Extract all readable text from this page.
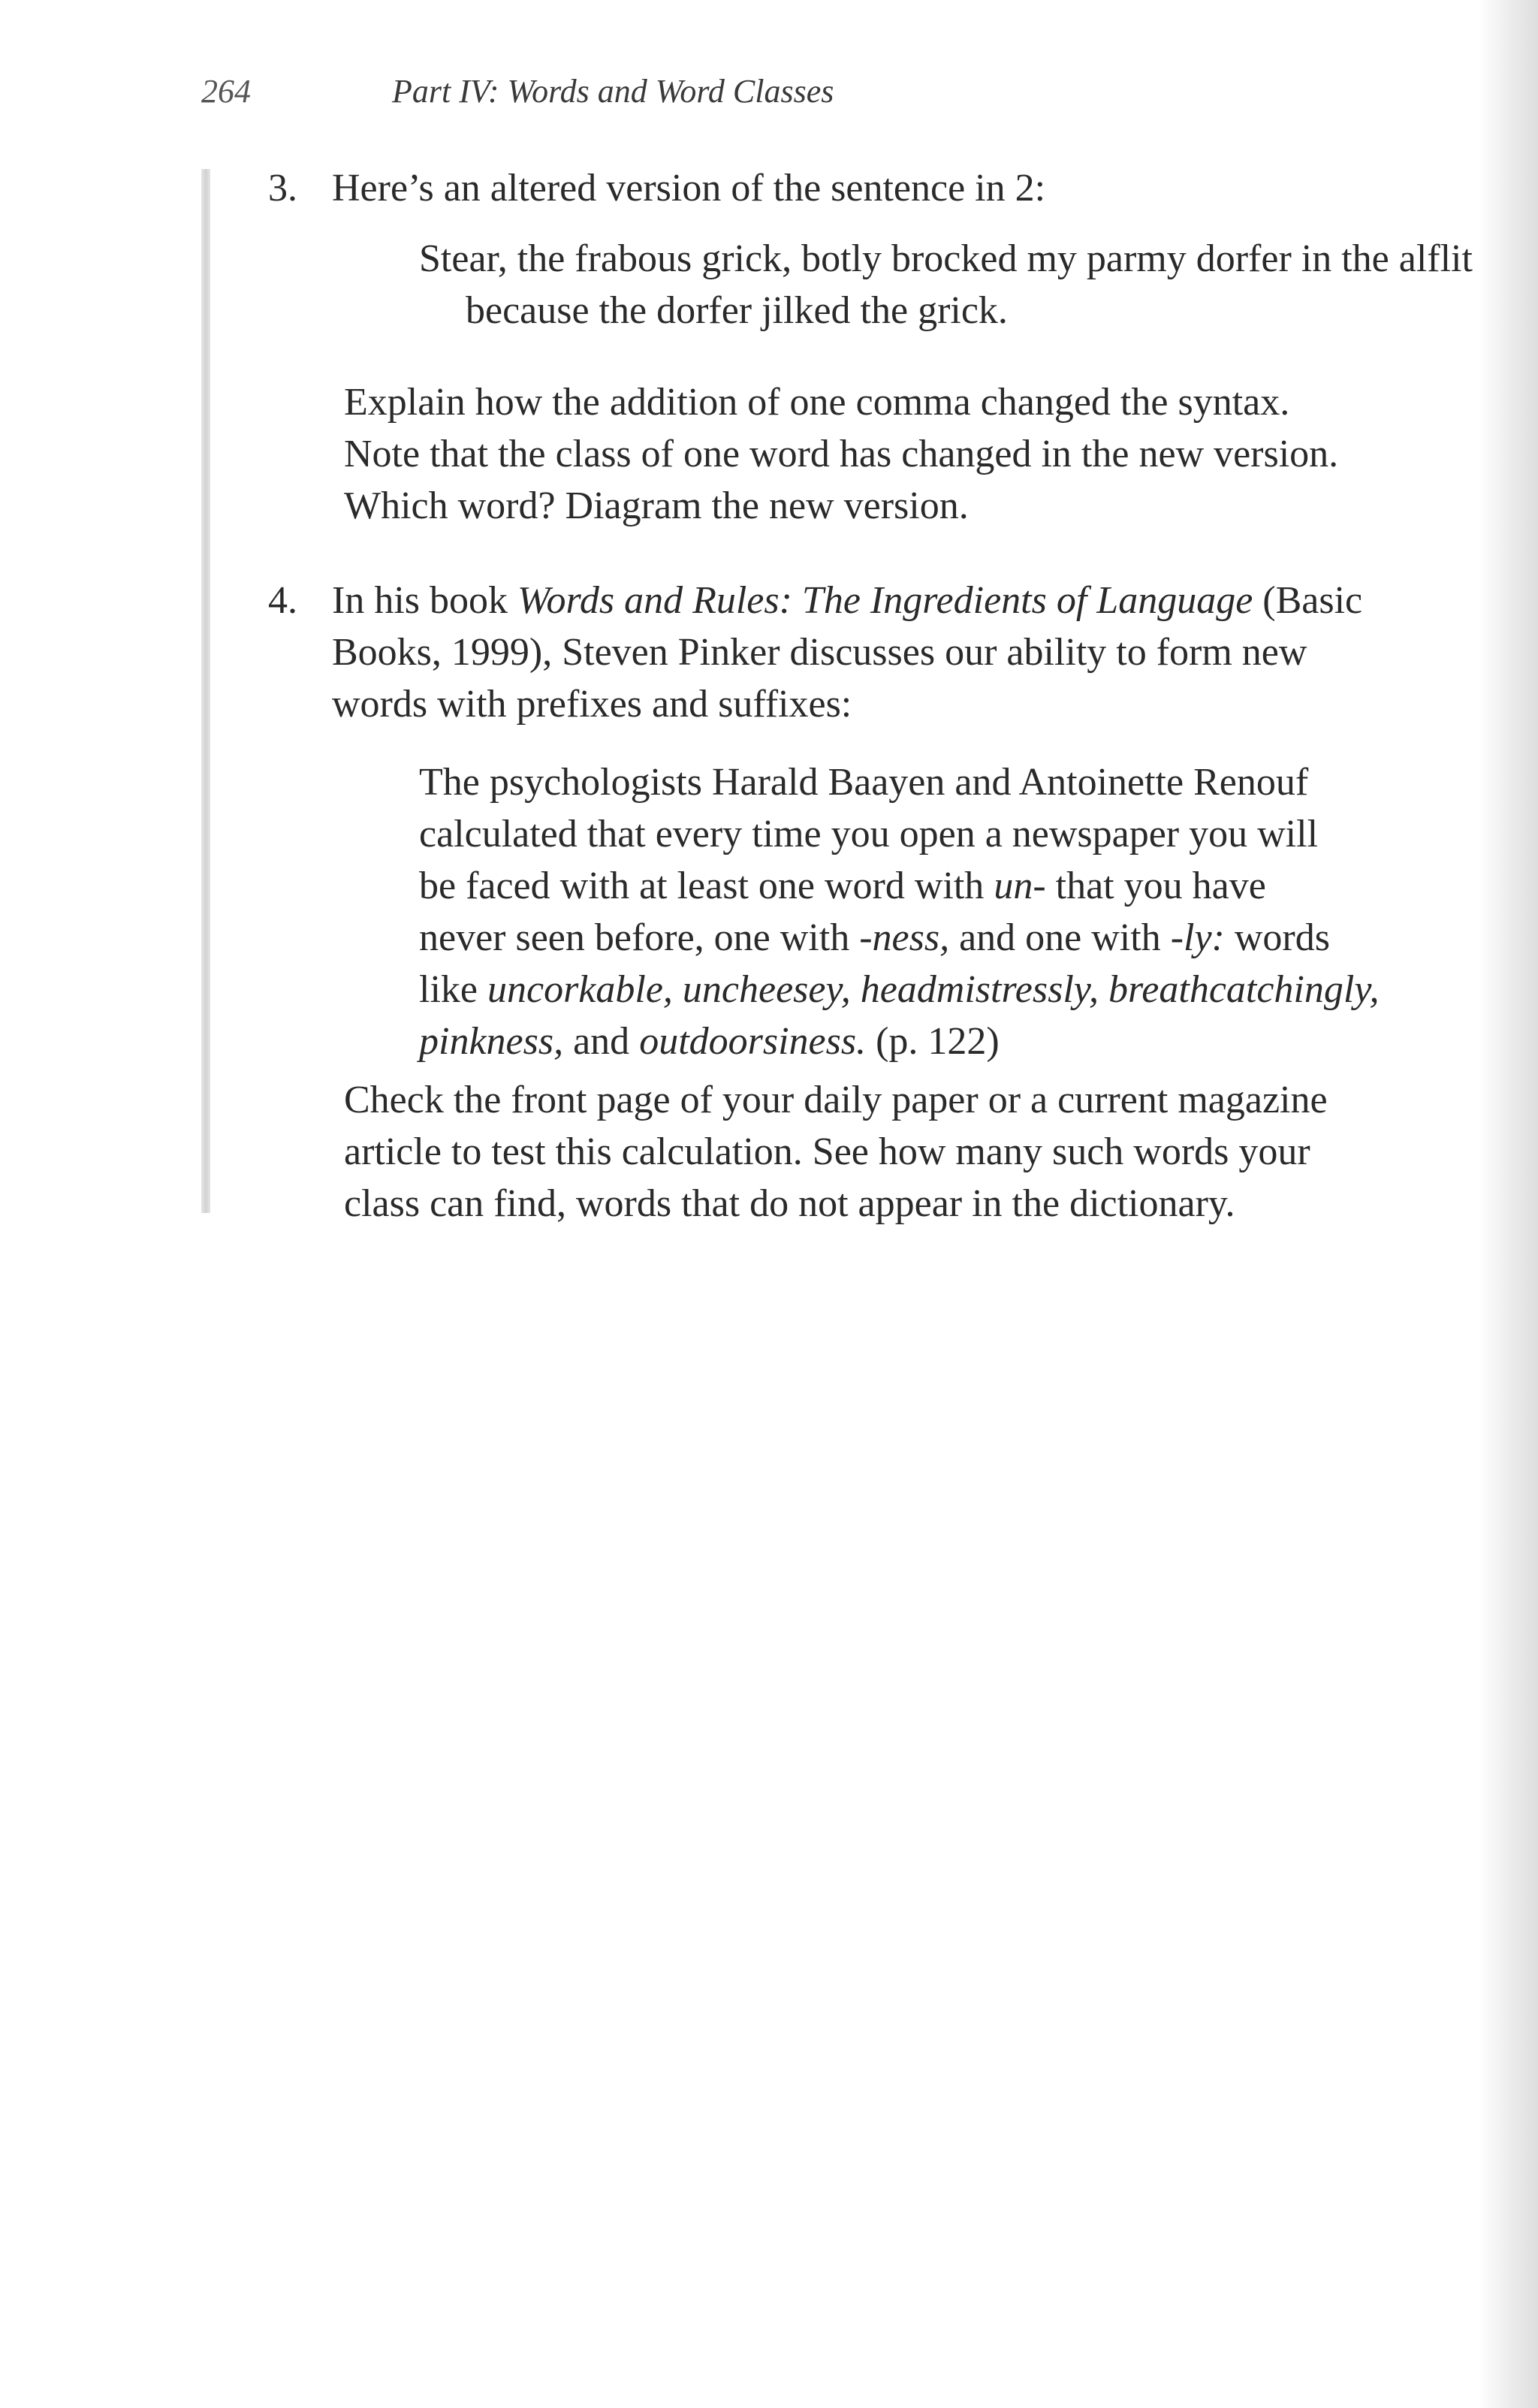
264	Part IV: Words and Word Classes
3. Here’s an altered version of the sentence in 2:
Stear, the frabous grick, botly brocked my parmy dorfer in the alflit because the dorfer jilked the grick.
Explain how the addition of one comma changed the syntax.
Note that the class of one word has changed in the new version.
Which word? Diagram the new version.
4. In his book Words and Rules: The Ingredients of Language (Basic
Books, 1999), Steven Pinker discusses our ability to form new
words with prefixes and suffixes:
The psychologists Harald Baayen and Antoinette Renouf
calculated that every time you open a newspaper you will
be faced with at least one word with un- that you have
never seen before, one with -ness, and one with -ly: words
like uncorkable, uncheesey, headmistressly, breathcatchingly,
pinkness, and outdoorsiness. (p. 122)
Check the front page of your daily paper or a current magazine
article to test this calculation. See how many such words your
class can find, words that do not appear in the dictionary.
